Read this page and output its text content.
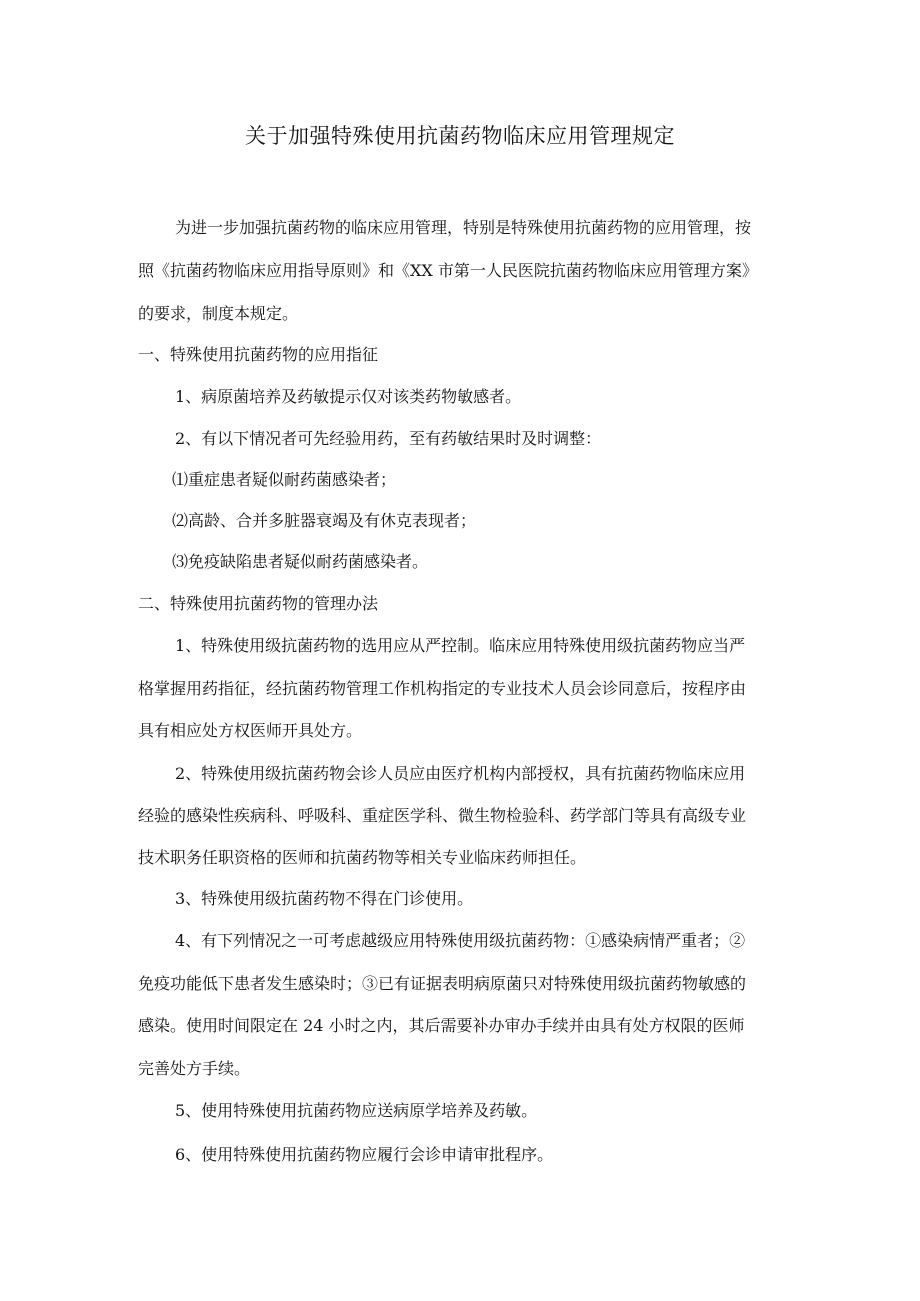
关于加强特殊使用抗菌药物临床应用管理规定

为进一步加强抗菌药物的临床应用管理，特别是特殊使用抗菌药物的应用管理，按

照《抗菌药物临床应用指导原则》和《XX 市第一人民医院抗菌药物临床应用管理方案》

的要求，制度本规定。

一、特殊使用抗菌药物的应用指征

1、病原菌培养及药敏提示仅对该类药物敏感者。

2、有以下情况者可先经验用药，至有药敏结果时及时调整：

⑴重症患者疑似耐药菌感染者；

⑵高龄、合并多脏器衰竭及有休克表现者；

⑶免疫缺陷患者疑似耐药菌感染者。

二、特殊使用抗菌药物的管理办法

1、特殊使用级抗菌药物的选用应从严控制。临床应用特殊使用级抗菌药物应当严

格掌握用药指征，经抗菌药物管理工作机构指定的专业技术人员会诊同意后，按程序由

具有相应处方权医师开具处方。

2、特殊使用级抗菌药物会诊人员应由医疗机构内部授权，具有抗菌药物临床应用

经验的感染性疾病科、呼吸科、重症医学科、微生物检验科、药学部门等具有高级专业

技术职务任职资格的医师和抗菌药物等相关专业临床药师担任。

3、特殊使用级抗菌药物不得在门诊使用。

4、有下列情况之一可考虑越级应用特殊使用级抗菌药物：①感染病情严重者；②

免疫功能低下患者发生感染时；③已有证据表明病原菌只对特殊使用级抗菌药物敏感的

感染。使用时间限定在 24 小时之内，其后需要补办审办手续并由具有处方权限的医师

完善处方手续。

5、使用特殊使用抗菌药物应送病原学培养及药敏。

6、使用特殊使用抗菌药物应履行会诊申请审批程序。
